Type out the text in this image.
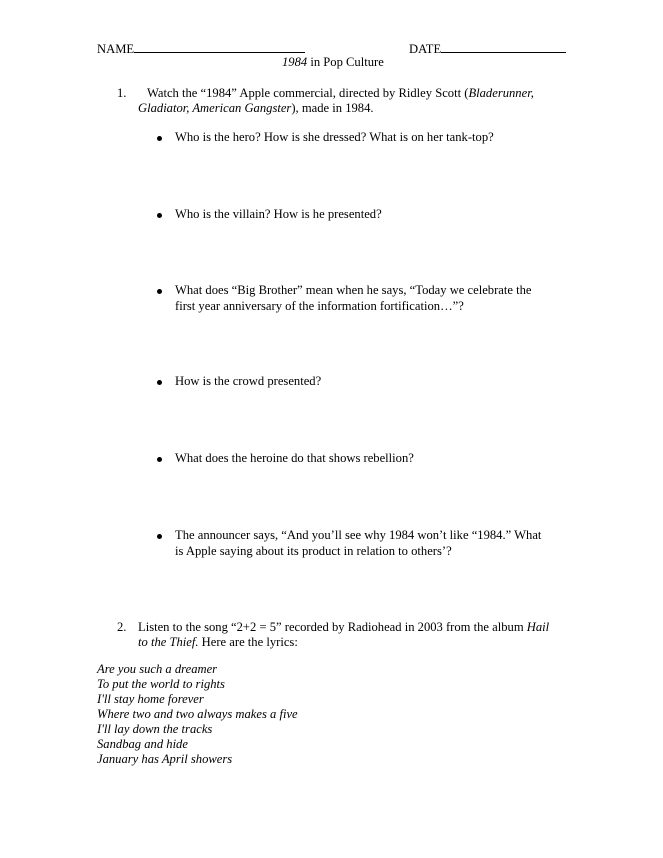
NAME	DATE
1984 in Pop Culture
1. Watch the “1984” Apple commercial, directed by Ridley Scott (Bladerunner,
Gladiator, American Gangster), made in 1984.
Who is the hero? How is she dressed? What is on her tank-top?
Who is the villain? How is he presented?
What does “Big Brother” mean when he says, “Today we celebrate the
first year anniversary of the information fortification…”?
How is the crowd presented?
What does the heroine do that shows rebellion?
The announcer says, “And you’ll see why 1984 won’t like “1984.” What
is Apple saying about its product in relation to others’?
2. Listen to the song “2+2 = 5” recorded by Radiohead in 2003 from the album Hail
to the Thief. Here are the lyrics:
Are you such a dreamer
To put the world to rights
I'll stay home forever
Where two and two always makes a five
I'll lay down the tracks
Sandbag and hide
January has April showers
